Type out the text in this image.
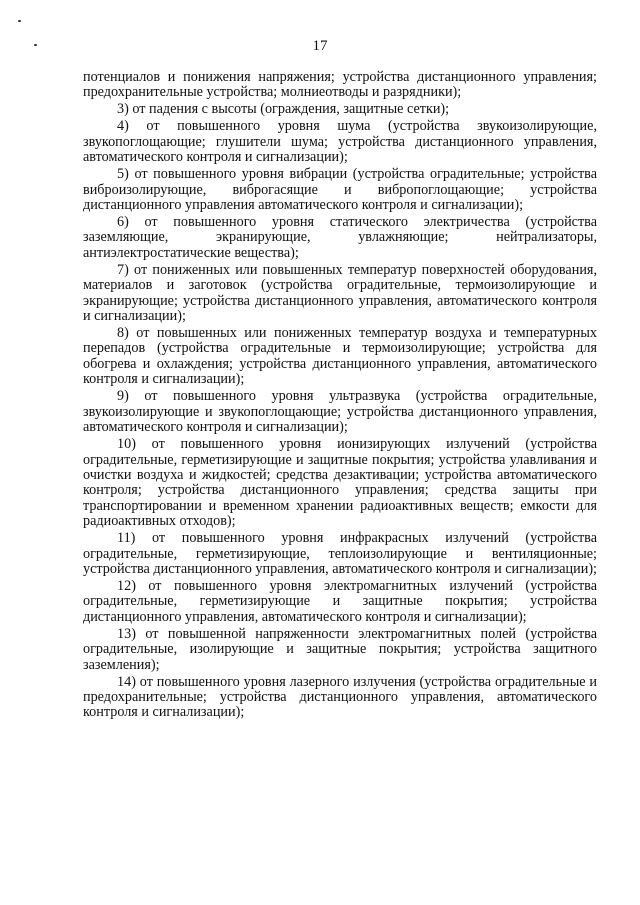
17

потенциалов и понижения напряжения; устройства дистанционного управления; предохранительные устройства; молниеотводы и разрядники);

3) от падения с высоты (ограждения, защитные сетки);

4) от повышенного уровня шума (устройства звукоизолирующие, звукопоглощающие; глушители шума; устройства дистанционного управления, автоматического контроля и сигнализации);

5) от повышенного уровня вибрации (устройства оградительные; устройства виброизолирующие, виброгасящие и вибропоглощающие; устройства дистанционного управления автоматического контроля и сигнализации);

6) от повышенного уровня статического электричества (устройства заземляющие, экранирующие, увлажняющие; нейтрализаторы, антиэлектростатические вещества);

7) от пониженных или повышенных температур поверхностей оборудования, материалов и заготовок (устройства оградительные, термоизолирующие и экранирующие; устройства дистанционного управления, автоматического контроля и сигнализации);

8) от повышенных или пониженных температур воздуха и температурных перепадов (устройства оградительные и термоизолирующие; устройства для обогрева и охлаждения; устройства дистанционного управления, автоматического контроля и сигнализации);

9) от повышенного уровня ультразвука (устройства оградительные, звукоизолирующие и звукопоглощающие; устройства дистанционного управления, автоматического контроля и сигнализации);

10) от повышенного уровня ионизирующих излучений (устройства оградительные, герметизирующие и защитные покрытия; устройства улавливания и очистки воздуха и жидкостей; средства дезактивации; устройства автоматического контроля; устройства дистанционного управления; средства защиты при транспортировании и временном хранении радиоактивных веществ; емкости для радиоактивных отходов);

11) от повышенного уровня инфракрасных излучений (устройства оградительные, герметизирующие, теплоизолирующие и вентиляционные; устройства дистанционного управления, автоматического контроля и сигнализации);

12) от повышенного уровня электромагнитных излучений (устройства оградительные, герметизирующие и защитные покрытия; устройства дистанционного управления, автоматического контроля и сигнализации);

13) от повышенной напряженности электромагнитных полей (устройства оградительные, изолирующие и защитные покрытия; устройства защитного заземления);

14) от повышенного уровня лазерного излучения (устройства оградительные и предохранительные; устройства дистанционного управления, автоматического контроля и сигнализации);
